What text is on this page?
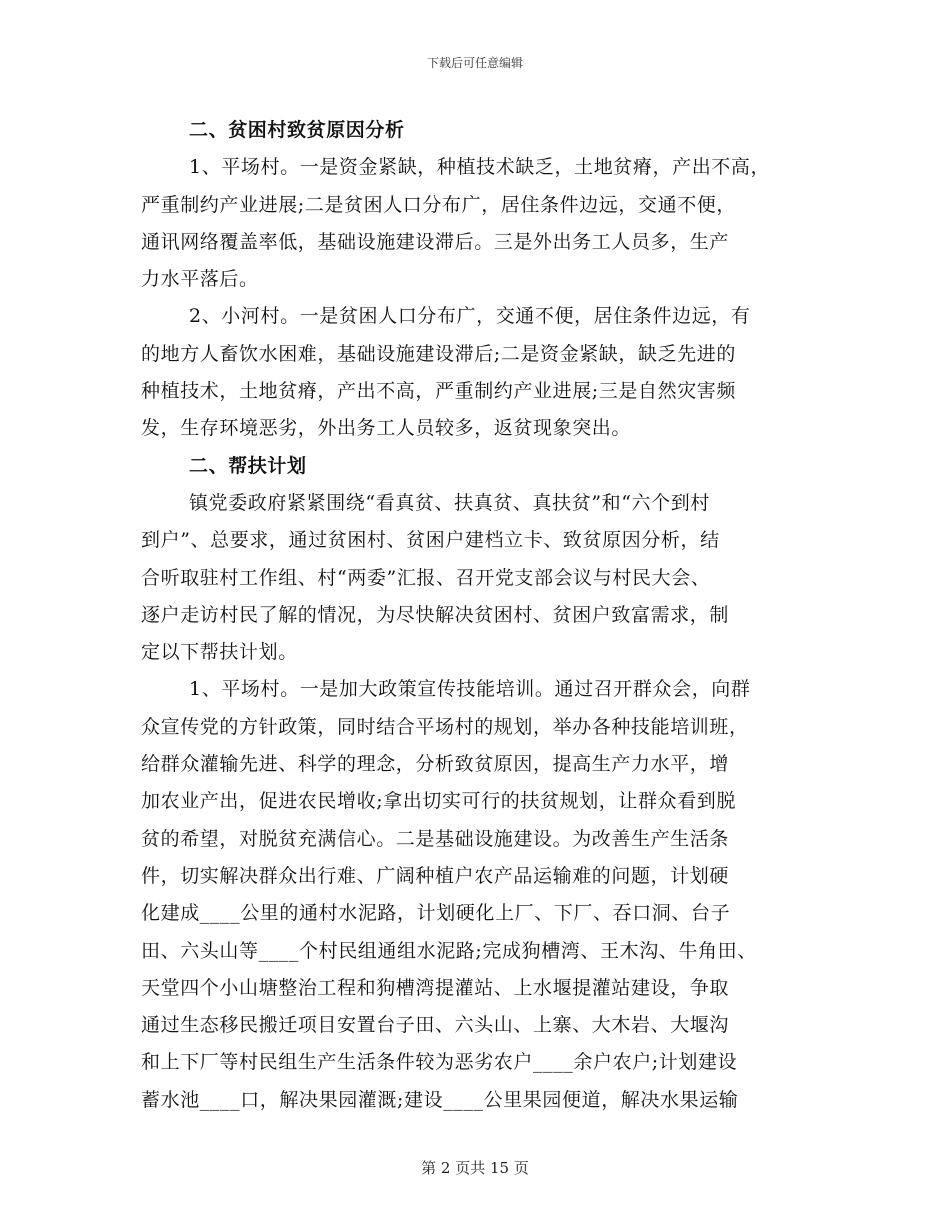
下载后可任意编辑
二、贫困村致贫原因分析
1、平场村。一是资金紧缺，种植技术缺乏，土地贫瘠，产出不高，
严重制约产业进展;二是贫困人口分布广，居住条件边远，交通不便，
通讯网络覆盖率低，基础设施建设滞后。三是外出务工人员多，生产
力水平落后。
2、小河村。一是贫困人口分布广，交通不便，居住条件边远，有
的地方人畜饮水困难，基础设施建设滞后;二是资金紧缺，缺乏先进的
种植技术，土地贫瘠，产出不高，严重制约产业进展;三是自然灾害频
发，生存环境恶劣，外出务工人员较多，返贫现象突出。
二、帮扶计划
镇党委政府紧紧围绕“看真贫、扶真贫、真扶贫”和“六个到村
到户”、总要求，通过贫困村、贫困户建档立卡、致贫原因分析，结
合听取驻村工作组、村“两委”汇报、召开党支部会议与村民大会、
逐户走访村民了解的情况，为尽快解决贫困村、贫困户致富需求，制
定以下帮扶计划。
1、平场村。一是加大政策宣传技能培训。通过召开群众会，向群
众宣传党的方针政策，同时结合平场村的规划，举办各种技能培训班，
给群众灌输先进、科学的理念，分析致贫原因，提高生产力水平，增
加农业产出，促进农民增收;拿出切实可行的扶贫规划，让群众看到脱
贫的希望，对脱贫充满信心。二是基础设施建设。为改善生产生活条
件，切实解决群众出行难、广阔种植户农产品运输难的问题，计划硬
化建成____公里的通村水泥路，计划硬化上厂、下厂、吞口洞、台子
田、六头山等____个村民组通组水泥路;完成狗槽湾、王木沟、牛角田、
天堂四个小山塘整治工程和狗槽湾提灌站、上水堰提灌站建设，争取
通过生态移民搬迁项目安置台子田、六头山、上寨、大木岩、大堰沟
和上下厂等村民组生产生活条件较为恶劣农户____余户农户;计划建设
蓄水池____口，解决果园灌溉;建设____公里果园便道，解决水果运输
第 2 页共 15 页
